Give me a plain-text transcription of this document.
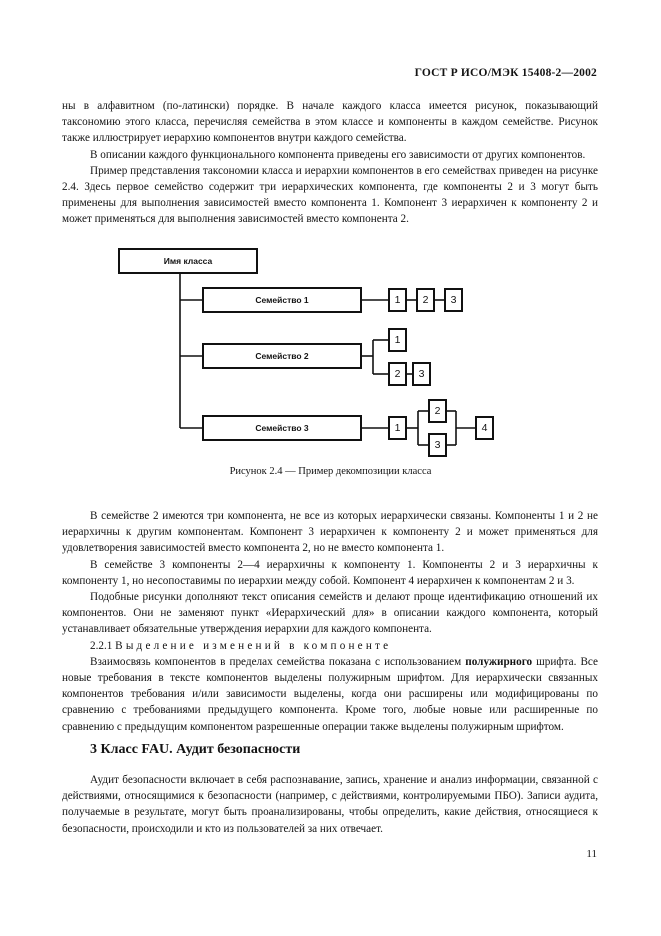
ГОСТ Р ИСО/МЭК 15408-2—2002

ны в алфавитном (по-латински) порядке. В начале каждого класса имеется рисунок, показывающий таксономию этого класса, перечисляя семейства в этом классе и компоненты в каждом семействе. Рисунок также иллюстрирует иерархию компонентов внутри каждого семейства.

В описании каждого функционального компонента приведены его зависимости от других компонентов.

Пример представления таксономии класса и иерархии компонентов в его семействах приведен на рисунке 2.4. Здесь первое семейство содержит три иерархических компонента, где компоненты 2 и 3 могут быть применены для выполнения зависимостей вместо компонента 1. Компонент 3 иерархичен к компоненту 2 и может применяться для выполнения зависимостей вместо компонента 2.

Имя класса
Семейство 1
Семейство 2
Семейство 3
1 2 3
1
2 3
1
2
3
4
Рисунок 2.4 — Пример декомпозиции класса

В семействе 2 имеются три компонента, не все из которых иерархически связаны. Компоненты 1 и 2 не иерархичны к другим компонентам. Компонент 3 иерархичен к компоненту 2 и может применяться для удовлетворения зависимостей вместо компонента 2, но не вместо компонента 1.

В семействе 3 компоненты 2—4 иерархичны к компоненту 1. Компоненты 2 и 3 иерархичны к компоненту 1, но несопоставимы по иерархии между собой. Компонент 4 иерархичен к компонентам 2 и 3.

Подобные рисунки дополняют текст описания семейств и делают проще идентификацию отношений их компонентов. Они не заменяют пункт «Иерархический для» в описании каждого компонента, который устанавливает обязательные утверждения иерархии для каждого компонента.

2.2.1 Выделение изменений в компоненте

Взаимосвязь компонентов в пределах семейства показана с использованием полужирного шрифта. Все новые требования в тексте компонентов выделены полужирным шрифтом. Для иерархически связанных компонентов требования и/или зависимости выделены, когда они расширены или модифицированы по сравнению с требованиями предыдущего компонента. Кроме того, любые новые или расширенные по сравнению с предыдущим компонентом разрешенные операции также выделены полужирным шрифтом.

3 Класс FAU. Аудит безопасности

Аудит безопасности включает в себя распознавание, запись, хранение и анализ информации, связанной с действиями, относящимися к безопасности (например, с действиями, контролируемыми ПБО). Записи аудита, получаемые в результате, могут быть проанализированы, чтобы определить, какие действия, относящиеся к безопасности, происходили и кто из пользователей за них отвечает.

11
